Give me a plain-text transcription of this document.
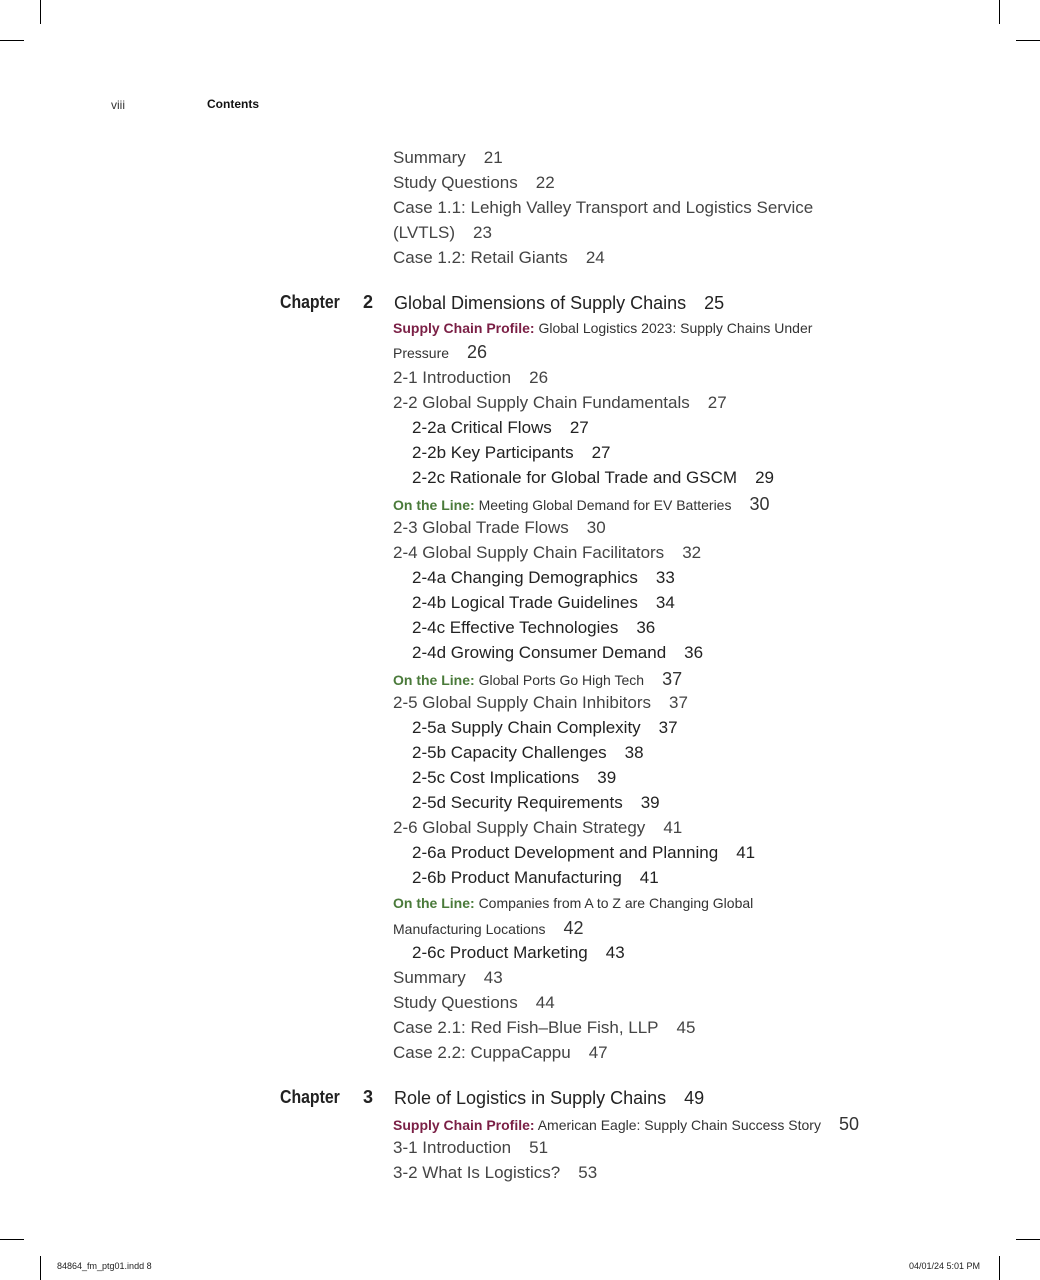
viii	Contents
Summary 21
Study Questions 22
Case 1.1: Lehigh Valley Transport and Logistics Service
(LVTLS) 23
Case 1.2: Retail Giants 24
Chapter 2 Global Dimensions of Supply Chains 25
Supply Chain Profile: Global Logistics 2023: Supply Chains Under
Pressure 26
2-1 Introduction 26
2-2 Global Supply Chain Fundamentals 27
2-2a Critical Flows 27
2-2b Key Participants 27
2-2c Rationale for Global Trade and GSCM 29
On the Line: Meeting Global Demand for EV Batteries 30
2-3 Global Trade Flows 30
2-4 Global Supply Chain Facilitators 32
2-4a Changing Demographics 33
2-4b Logical Trade Guidelines 34
2-4c Effective Technologies 36
2-4d Growing Consumer Demand 36
On the Line: Global Ports Go High Tech 37
2-5 Global Supply Chain Inhibitors 37
2-5a Supply Chain Complexity 37
2-5b Capacity Challenges 38
2-5c Cost Implications 39
2-5d Security Requirements 39
2-6 Global Supply Chain Strategy 41
2-6a Product Development and Planning 41
2-6b Product Manufacturing 41
On the Line: Companies from A to Z are Changing Global
Manufacturing Locations 42
2-6c Product Marketing 43
Summary 43
Study Questions 44
Case 2.1: Red Fish–Blue Fish, LLP 45
Case 2.2: CuppaCappu 47
Chapter 3 Role of Logistics in Supply Chains 49
Supply Chain Profile: American Eagle: Supply Chain Success Story 50
3-1 Introduction 51
3-2 What Is Logistics? 53
84864_fm_ptg01.indd 8	04/01/24 5:01 PM
